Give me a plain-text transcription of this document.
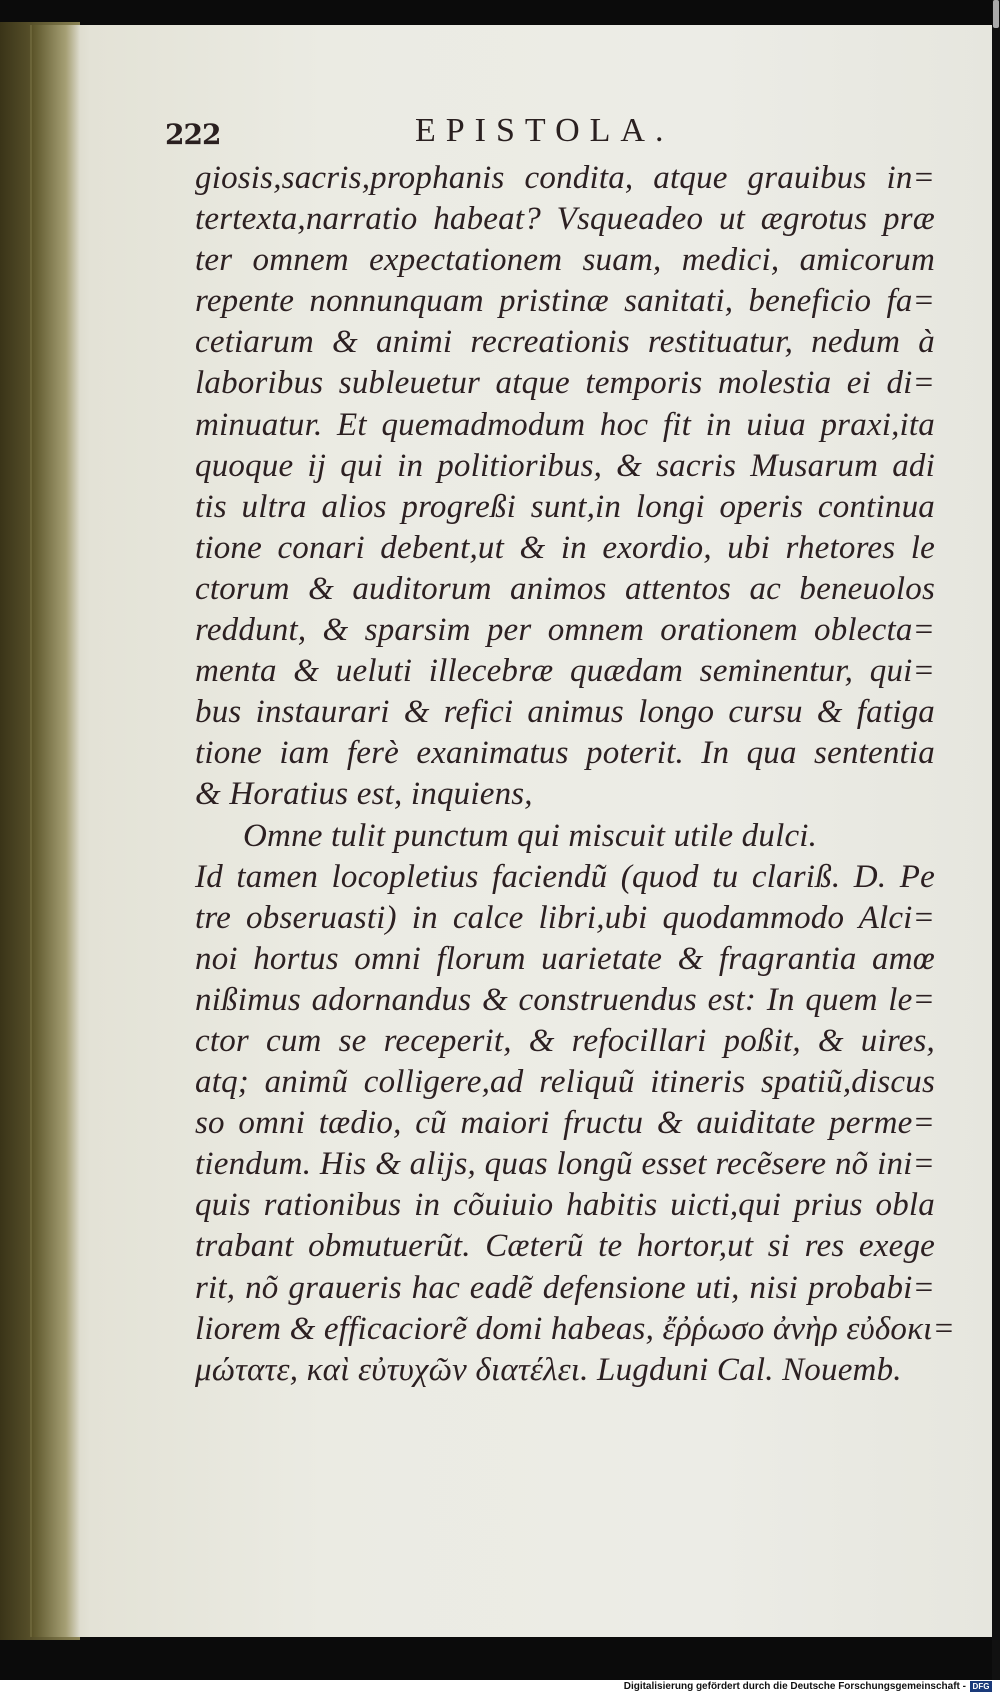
222	EPISTOLA.
giosis,sacris,prophanis condita, atque grauibus in=
tertexta,narratio habeat? Vsqueadeo ut ægrotus præ
ter omnem expectationem suam, medici, amicorum
repente nonnunquam pristinæ sanitati, beneficio fa=
cetiarum & animi recreationis restituatur, nedum à
laboribus subleuetur atque temporis molestia ei di=
minuatur. Et quemadmodum hoc fit in uiua praxi,ita
quoque ij qui in politioribus, & sacris Musarum adi
tis ultra alios progreßi sunt,in longi operis continua
tione conari debent,ut & in exordio, ubi rhetores le
ctorum & auditorum animos attentos ac beneuolos
reddunt, & sparsim per omnem orationem oblecta=
menta & ueluti illecebræ quædam seminentur, qui=
bus instaurari & refici animus longo cursu & fatiga
tione iam ferè exanimatus poterit. In qua sententia
& Horatius est, inquiens,
Omne tulit punctum qui miscuit utile dulci.
Id tamen locopletius faciendũ (quod tu clariß. D. Pe
tre obseruasti) in calce libri,ubi quodammodo Alci=
noi hortus omni florum uarietate & fragrantia amœ
nißimus adornandus & construendus est: In quem le=
ctor cum se receperit, & refocillari poßit, & uires,
atq; animũ colligere,ad reliquũ itineris spatiũ,discus
so omni tædio, cũ maiori fructu & auiditate perme=
tiendum. His & alijs, quas longũ esset recẽsere nõ ini=
quis rationibus in cõuiuio habitis uicti,qui prius obla
trabant obmutuerũt. Cæterũ te hortor,ut si res exege
rit, nõ graueris hac eadẽ defensione uti, nisi probabi=
liorem & efficaciorẽ domi habeas, ἔῤῥωσο ἀνὴρ εὐδοκι=
μώτατε, καὶ εὐτυχῶν διατέλει. Lugduni Cal. Nouemb.
Digitalisierung gefördert durch die Deutsche Forschungsgemeinschaft - DFG
